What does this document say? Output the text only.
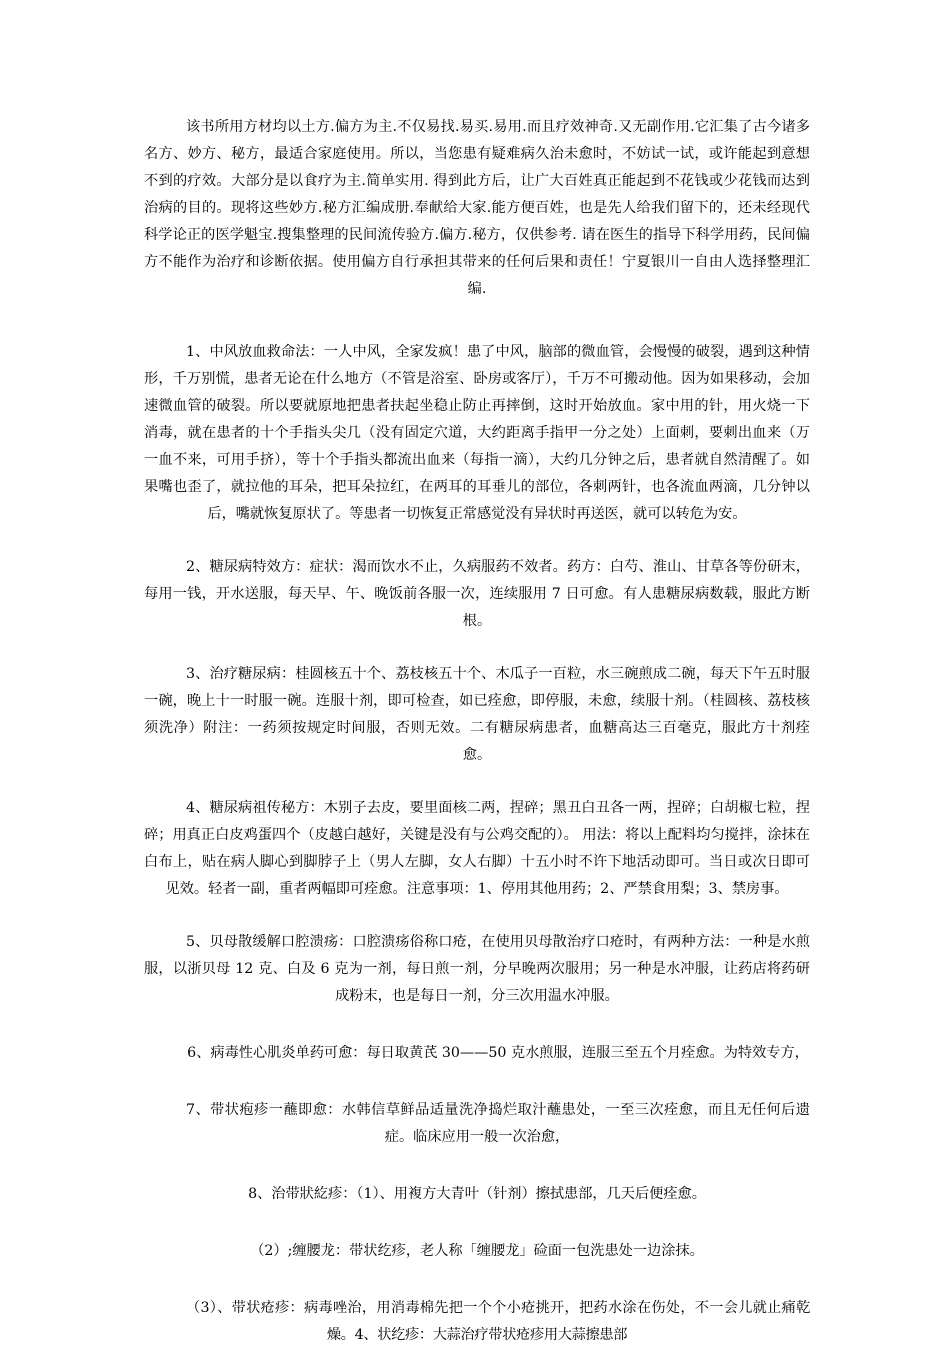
该书所用方材均以土方.偏方为主.不仅易找.易买.易用.而且疗效神奇.又无副作用.它汇集了古今诸多名方、妙方、秘方，最适合家庭使用。所以，当您患有疑难病久治未愈时，不妨试一试，或许能起到意想不到的疗效。大部分是以食疗为主.简单实用. 得到此方后，让广大百姓真正能起到不花钱或少花钱而达到治病的目的。现将这些妙方.秘方汇编成册.奉献给大家.能方便百姓，也是先人给我们留下的，还未经现代科学论正的医学魁宝.搜集整理的民间流传验方.偏方.秘方，仅供参考. 请在医生的指导下科学用药，民间偏方不能作为治疗和诊断依据。使用偏方自行承担其带来的任何后果和责任！宁夏银川一自由人选择整理汇编.

1、中风放血救命法：一人中风，全家发疯！患了中风，脑部的微血管，会慢慢的破裂，遇到这种情形，千万别慌，患者无论在什么地方（不管是浴室、卧房或客厅），千万不可搬动他。因为如果移动，会加速微血管的破裂。所以要就原地把患者扶起坐稳止防止再摔倒，这时开始放血。家中用的针，用火烧一下消毒，就在患者的十个手指头尖几（没有固定穴道，大约距离手指甲一分之处）上面刺，要刺出血来（万一血不来，可用手挤），等十个手指头都流出血来（每指一滴），大约几分钟之后，患者就自然清醒了。如果嘴也歪了，就拉他的耳朵，把耳朵拉红，在两耳的耳垂儿的部位，各刺两针，也各流血两滴，几分钟以后，嘴就恢复原状了。等患者一切恢复正常感觉没有异状时再送医，就可以转危为安。

2、糖尿病特效方：症状：渴而饮水不止，久病服药不效者。药方：白芍、淮山、甘草各等份研末，每用一钱，开水送服，每天早、午、晚饭前各服一次，连续服用 7 日可愈。有人患糖尿病数载，服此方断根。

3、治疗糖尿病：桂圆核五十个、荔枝核五十个、木瓜子一百粒，水三碗煎成二碗，每天下午五时服一碗，晚上十一时服一碗。连服十剂，即可检查，如已痊愈，即停服，未愈，续服十剂。（桂圆核、荔枝核须洗净）附注：一药须按规定时间服，否则无效。二有糖尿病患者，血糖高达三百毫克，服此方十剂痊愈。

4、糖尿病祖传秘方：木别子去皮，要里面核二两，捏碎；黑丑白丑各一两，捏碎；白胡椒七粒，捏碎；用真正白皮鸡蛋四个（皮越白越好，关键是没有与公鸡交配的）。 用法：将以上配料均匀搅拌，涂抹在白布上，贴在病人脚心到脚脖子上（男人左脚，女人右脚）十五小时不许下地活动即可。当日或次日即可见效。轻者一副，重者两幅即可痊愈。注意事项：1、停用其他用药；2、严禁食用梨；3、禁房事。

5、贝母散缓解口腔溃疡：口腔溃疡俗称口疮，在使用贝母散治疗口疮时，有两种方法：一种是水煎服，以浙贝母 12 克、白及 6 克为一剂，每日煎一剂，分早晚两次服用；另一种是水冲服，让药店将药研成粉末，也是每日一剂，分三次用温水冲服。

6、病毒性心肌炎单药可愈：每日取黄芪 30——50 克水煎服，连服三至五个月痊愈。为特效专方，

7、带状疱疹一蘸即愈：水韩信草鲜品适量洗净捣烂取汁蘸患处，一至三次痊愈，而且无任何后遗症。临床应用一般一次治愈，

8、治带狀紇疹：（1）、用複方大青叶（针剂）擦拭患部，几天后便痊愈。

（2）;缠腰龙：带状纥疹，老人称「缠腰龙」硷面一包洗患处一边涂抹。

（3）、带状疮疹：病毒唑治，用消毒棉先把一个个小疮挑开，把药水涂在伤处，不一会儿就止痛乾燥。4、状纥疹：大蒜治疗带状疮疹用大蒜擦患部
